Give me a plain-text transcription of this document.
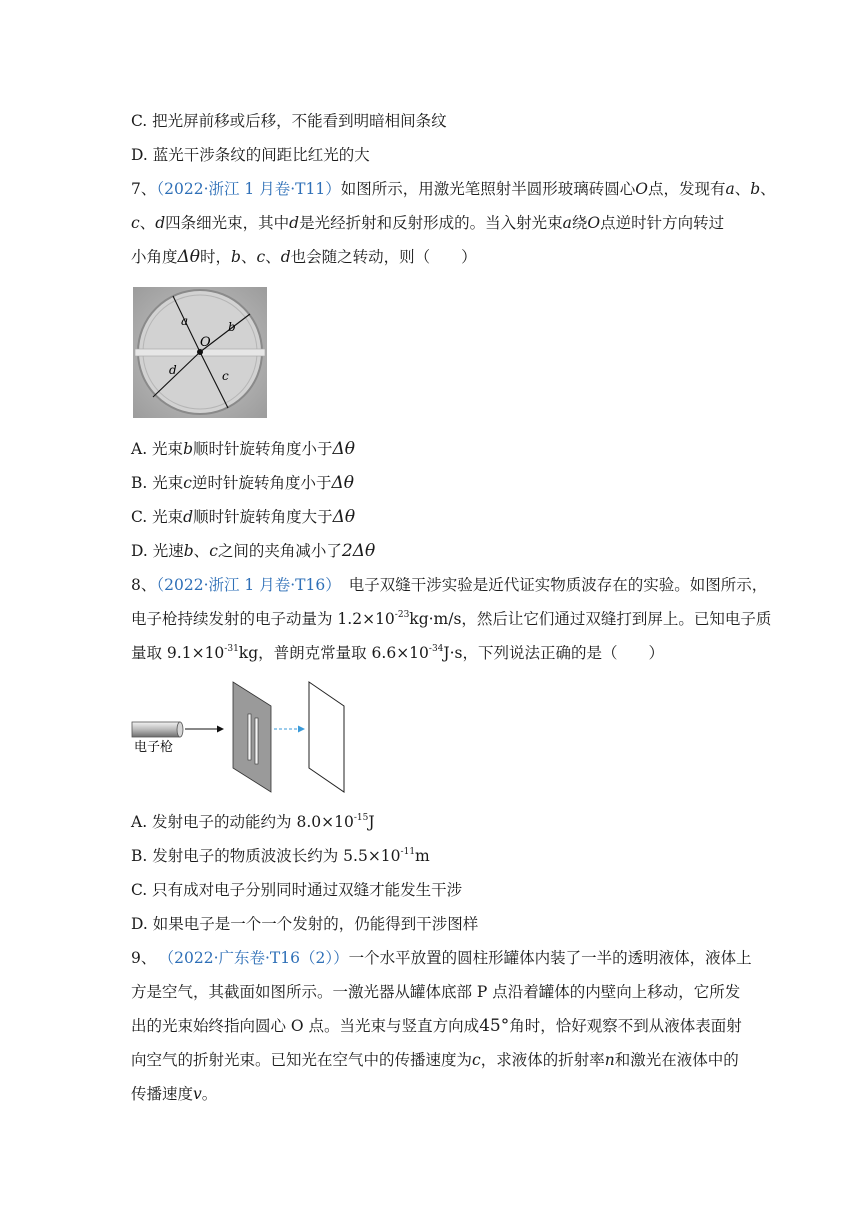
C. 把光屏前移或后移，不能看到明暗相间条纹
D. 蓝光干涉条纹的间距比红光的大
7、（2022·浙江 1 月卷·T11）如图所示，用激光笔照射半圆形玻璃砖圆心O点，发现有a、b、
c、d四条细光束，其中d是光经折射和反射形成的。当入射光束a绕O点逆时针方向转过
小角度Δθ时，b、c、d也会随之转动，则（　　）
a	b
O
d	c
A. 光束b顺时针旋转角度小于Δθ
B. 光束c逆时针旋转角度小于Δθ
C. 光束d顺时针旋转角度大于Δθ
D. 光速b、c之间的夹角减小了2Δθ
8、（2022·浙江 1 月卷·T16） 电子双缝干涉实验是近代证实物质波存在的实验。如图所示，
电子枪持续发射的电子动量为 $1.2\times 10^{-23}kg\cdot m/s$，然后让它们通过双缝打到屏上。已知电子质
量取 $9.1\times 10^{-31}kg$，普朗克常量取 $6.6\times 10^{-34}J\cdot s$，下列说法正确的是（　　）
电子枪
A. 发射电子的动能约为 $8.0\times 10^{-15}J$
B. 发射电子的物质波波长约为 $5.5\times 10^{-11}m$
C. 只有成对电子分别同时通过双缝才能发生干涉
D. 如果电子是一个一个发射的，仍能得到干涉图样
9、 （2022·广东卷·T16（2））一个水平放置的圆柱形罐体内装了一半的透明液体，液体上
方是空气，其截面如图所示。一激光器从罐体底部 P 点沿着罐体的内壁向上移动，它所发
出的光束始终指向圆心 O 点。当光束与竖直方向成45°角时，恰好观察不到从液体表面射
向空气的折射光束。已知光在空气中的传播速度为c，求液体的折射率n和激光在液体中的
传播速度v。
